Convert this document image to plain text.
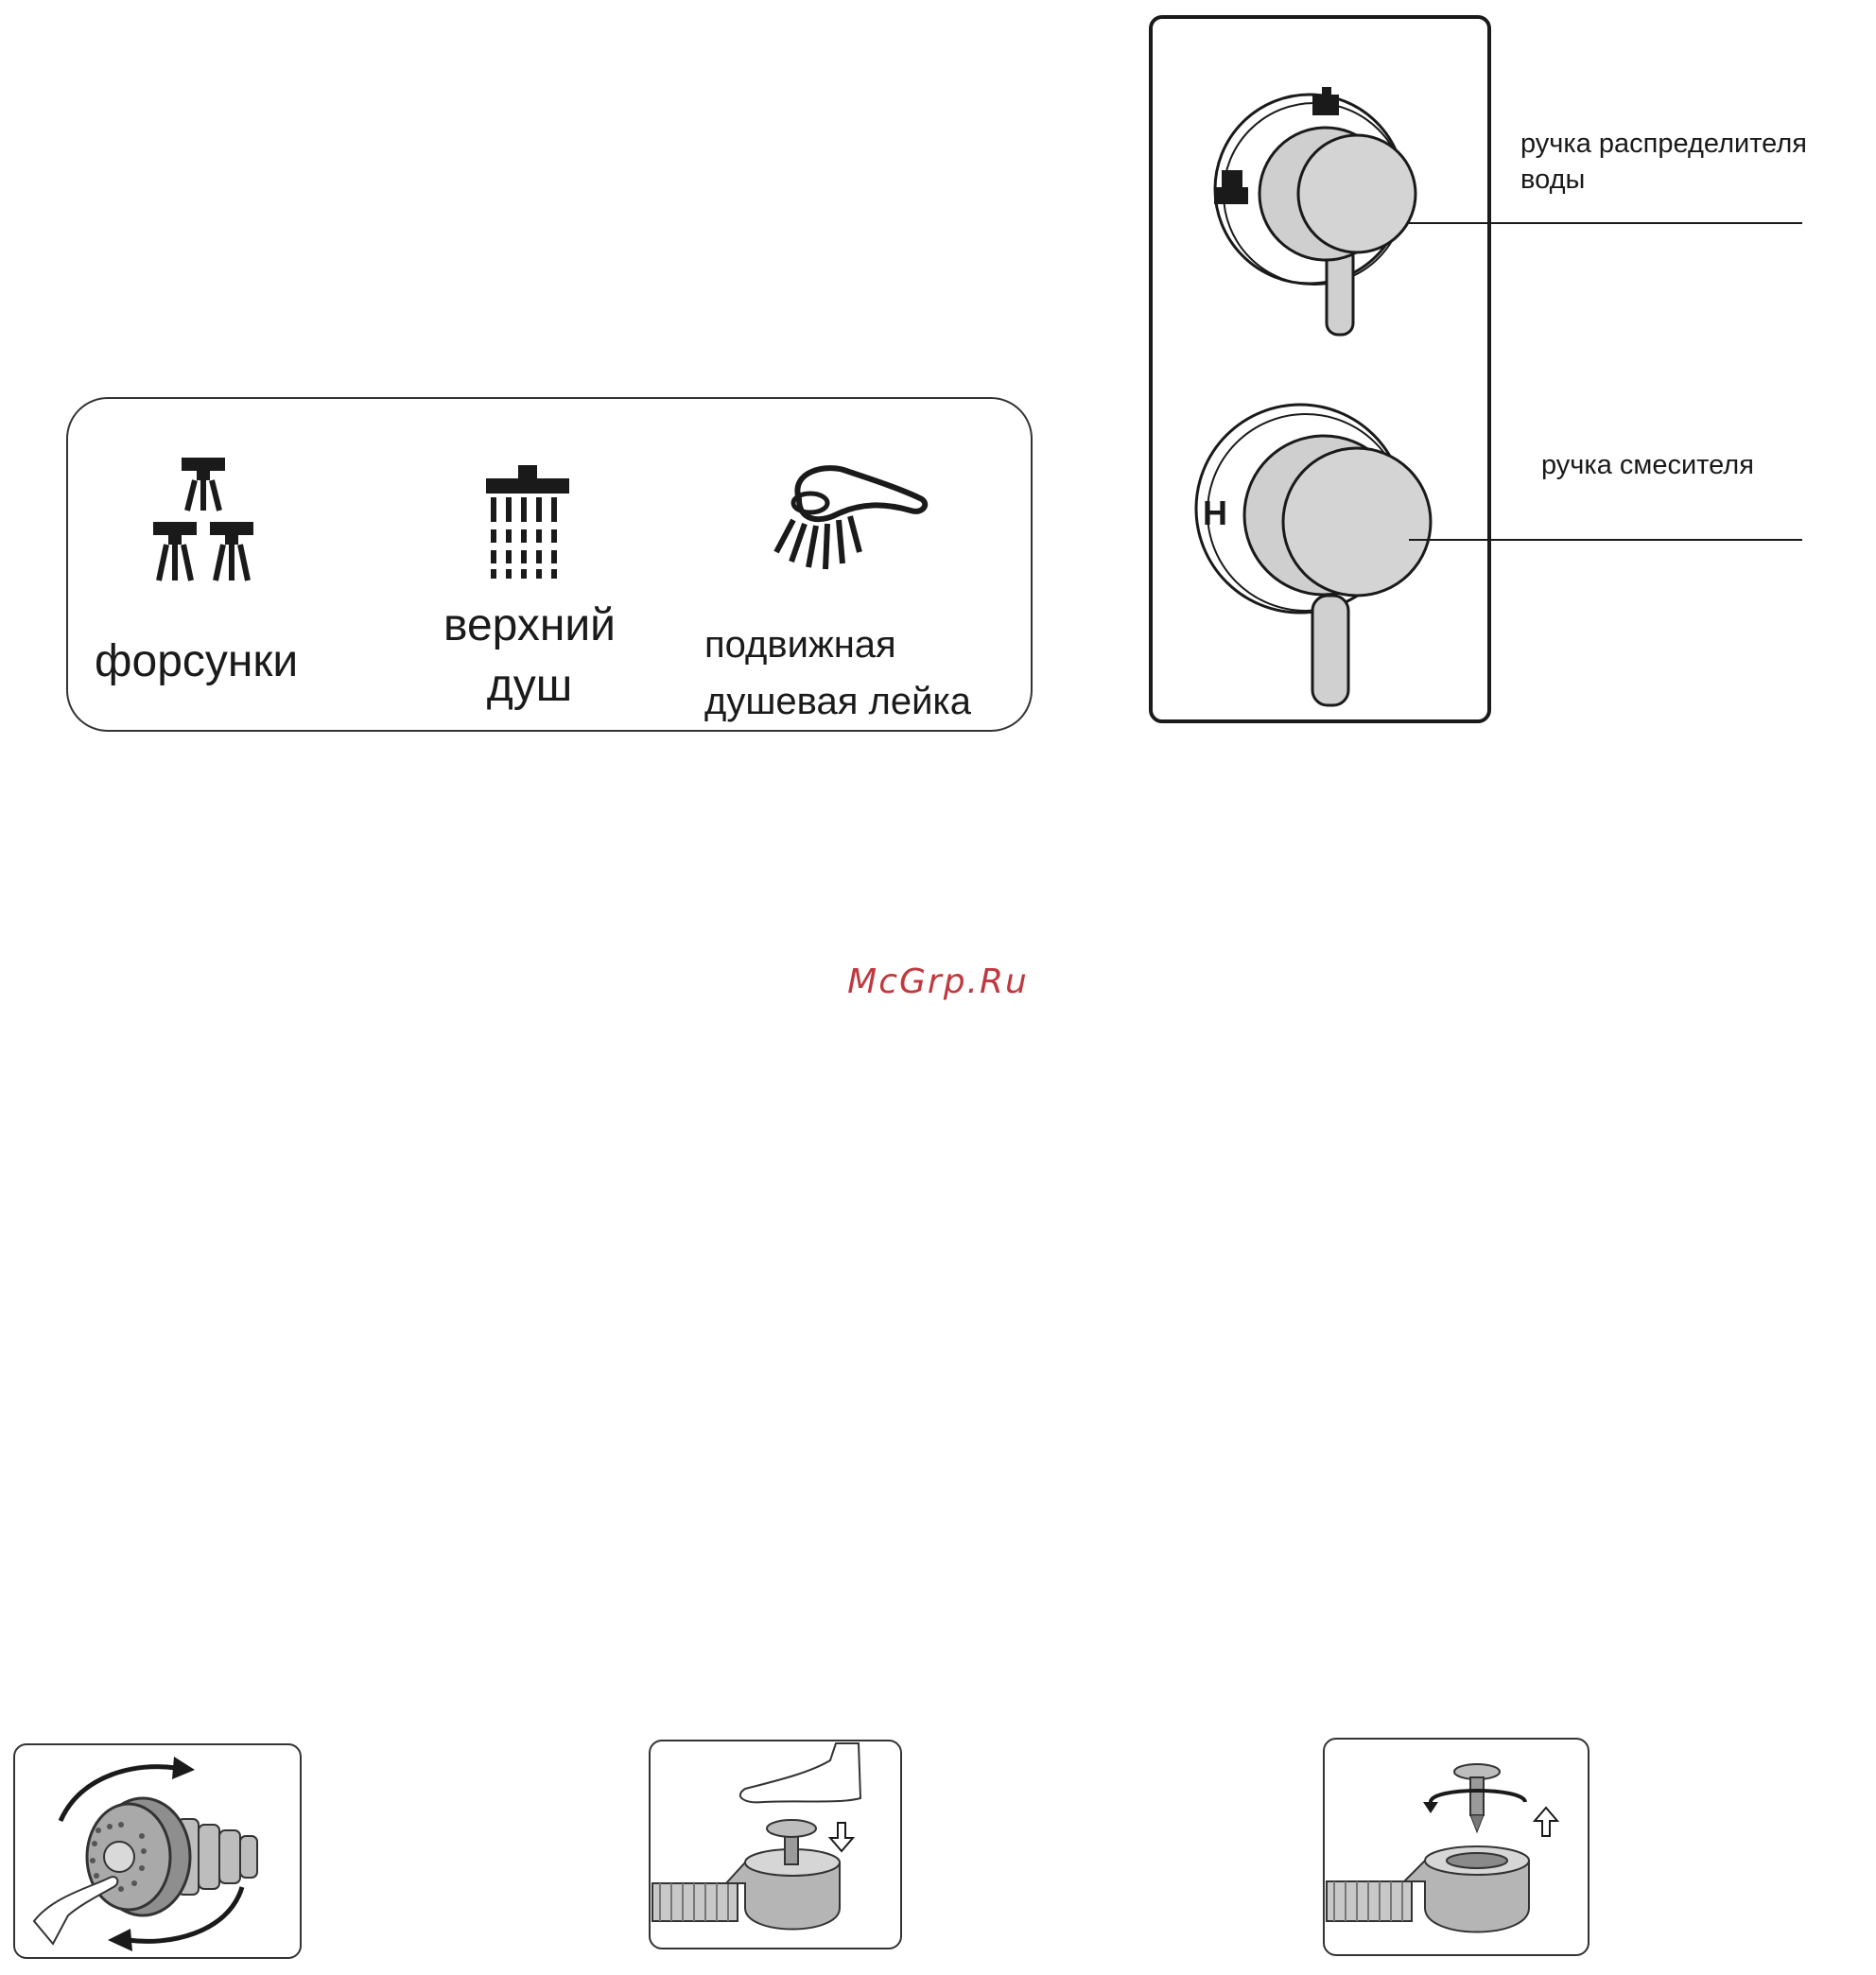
форсунки
верхний
душ
подвижная
душевая лейка
H
ручка распределителя
воды
ручка смесителя
McGrp.Ru
